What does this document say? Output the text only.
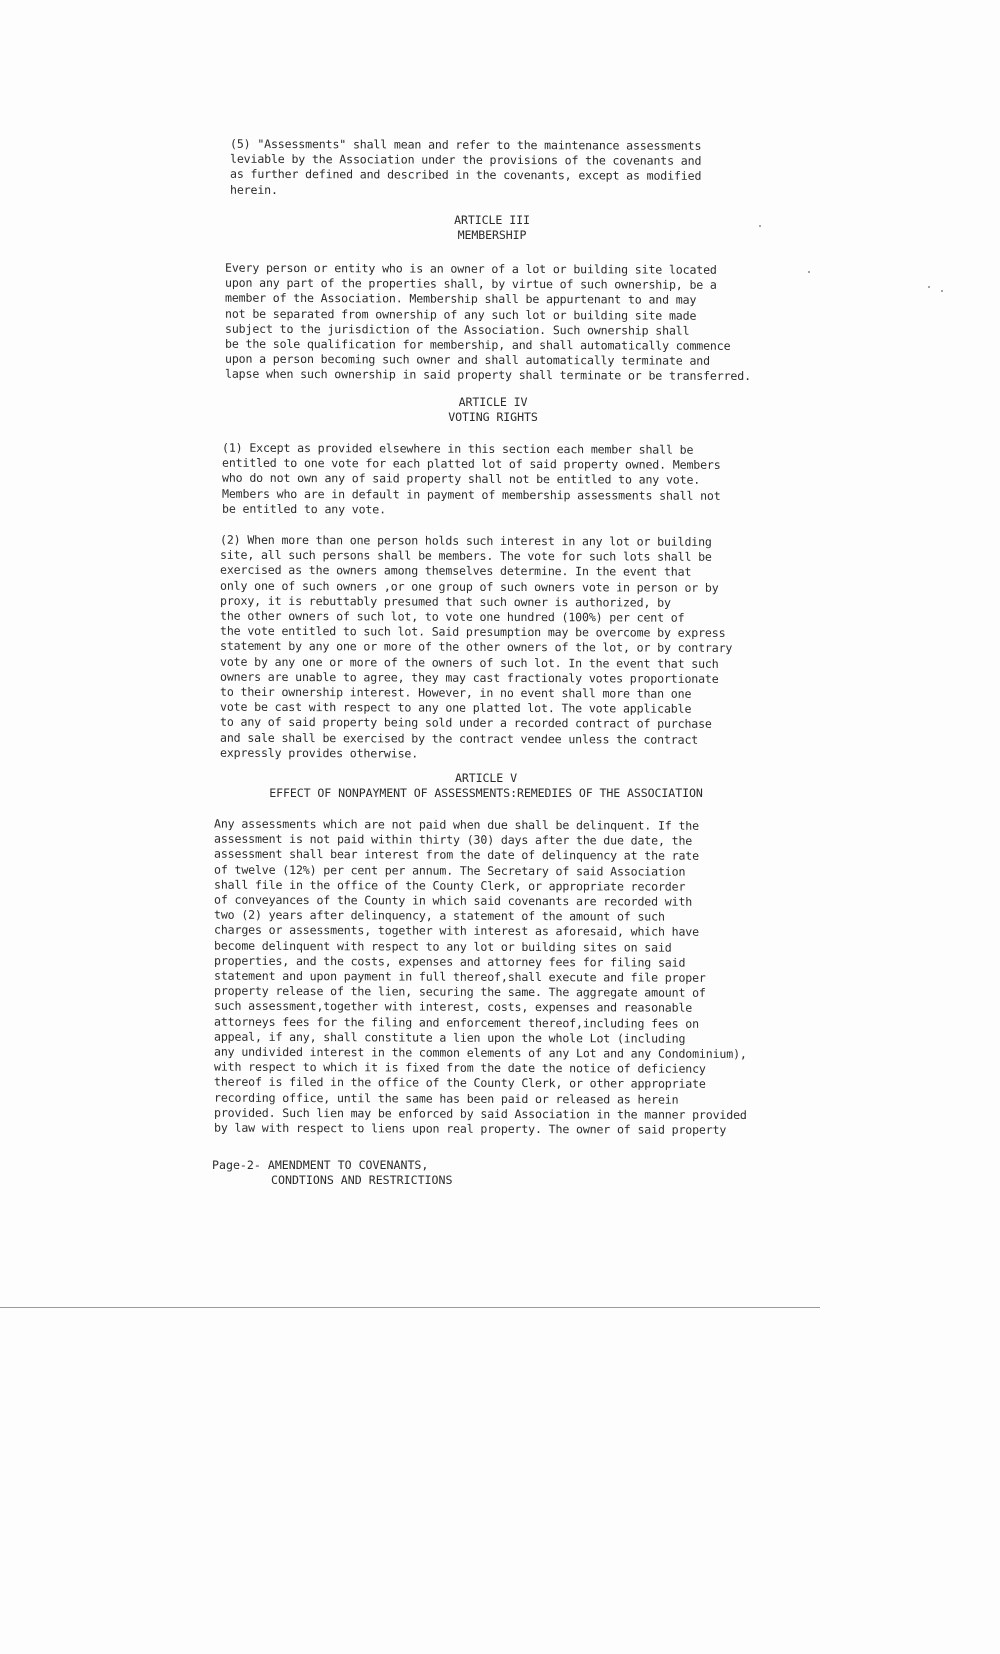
(5) "Assessments" shall mean and refer to the maintenance assessments
leviable by the Association under the provisions of the covenants and
as further defined and described in the covenants, except as modified
herein.

ARTICLE III
MEMBERSHIP

Every person or entity who is an owner of a lot or building site located
upon any part of the properties shall, by virtue of such ownership, be a
member of the Association. Membership shall be appurtenant to and may
not be separated from ownership of any such lot or building site made
subject to the jurisdiction of the Association. Such ownership shall
be the sole qualification for membership, and shall automatically commence
upon a person becoming such owner and shall automatically terminate and
lapse when such ownership in said property shall terminate or be transferred.

ARTICLE IV
VOTING RIGHTS

(1) Except as provided elsewhere in this section each member shall be
entitled to one vote for each platted lot of said property owned. Members
who do not own any of said property shall not be entitled to any vote.
Members who are in default in payment of membership assessments shall not
be entitled to any vote.

(2) When more than one person holds such interest in any lot or building
site, all such persons shall be members. The vote for such lots shall be
exercised as the owners among themselves determine. In the event that
only one of such owners ,or one group of such owners vote in person or by
proxy, it is rebuttably presumed that such owner is authorized, by
the other owners of such lot, to vote one hundred (100%) per cent of
the vote entitled to such lot. Said presumption may be overcome by express
statement by any one or more of the other owners of the lot, or by contrary
vote by any one or more of the owners of such lot. In the event that such
owners are unable to agree, they may cast fractionaly votes proportionate
to their ownership interest. However, in no event shall more than one
vote be cast with respect to any one platted lot. The vote applicable
to any of said property being sold under a recorded contract of purchase
and sale shall be exercised by the contract vendee unless the contract
expressly provides otherwise.

ARTICLE V
EFFECT OF NONPAYMENT OF ASSESSMENTS:REMEDIES OF THE ASSOCIATION

Any assessments which are not paid when due shall be delinquent. If the
assessment is not paid within thirty (30) days after the due date, the
assessment shall bear interest from the date of delinquency at the rate
of twelve (12%) per cent per annum. The Secretary of said Association
shall file in the office of the County Clerk, or appropriate recorder
of conveyances of the County in which said covenants are recorded with
two (2) years after delinquency, a statement of the amount of such
charges or assessments, together with interest as aforesaid, which have
become delinquent with respect to any lot or building sites on said
properties, and the costs, expenses and attorney fees for filing said
statement and upon payment in full thereof,shall execute and file proper
property release of the lien, securing the same. The aggregate amount of
such assessment,together with interest, costs, expenses and reasonable
attorneys fees for the filing and enforcement thereof,including fees on
appeal, if any, shall constitute a lien upon the whole Lot (including
any undivided interest in the common elements of any Lot and any Condominium),
with respect to which it is fixed from the date the notice of deficiency
thereof is filed in the office of the County Clerk, or other appropriate
recording office, until the same has been paid or released as herein
provided. Such lien may be enforced by said Association in the manner provided
by law with respect to liens upon real property. The owner of said property

Page-2- AMENDMENT TO COVENANTS,
CONDTIONS AND RESTRICTIONS
